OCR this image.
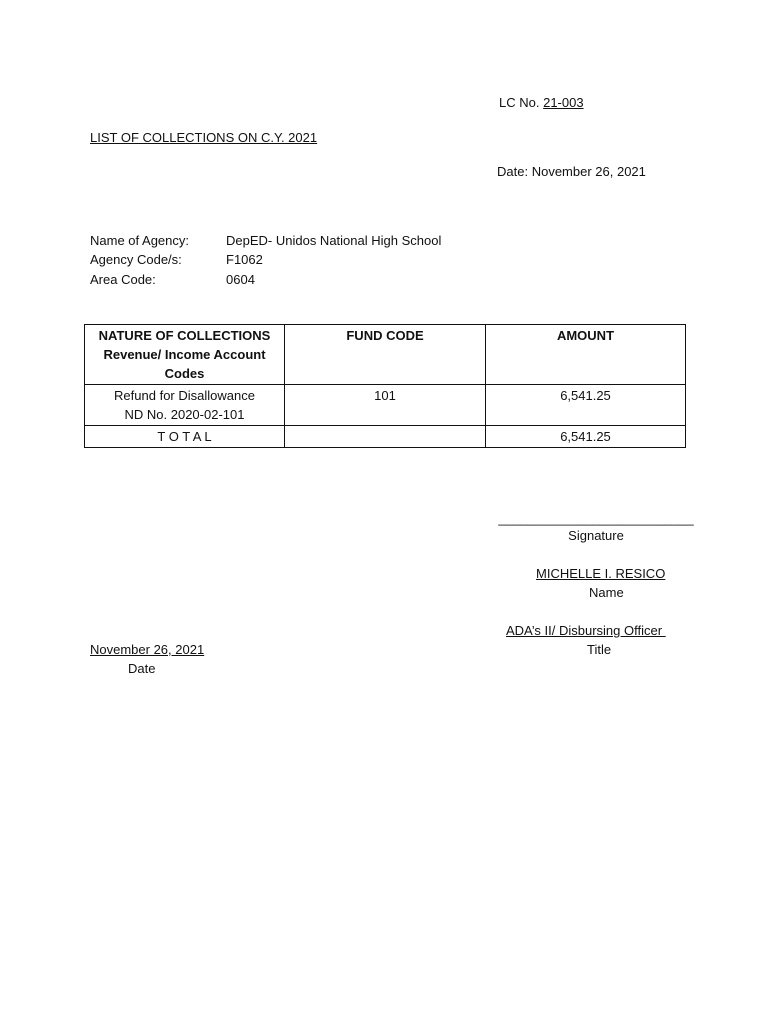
LC No. 21-003
LIST OF COLLECTIONS ON C.Y. 2021
Date: November 26, 2021
Name of Agency:	DepED- Unidos National High School
Agency Code/s:	F1062
Area Code:	0604
NATURE OF COLLECTIONS
Revenue/ Income Account
Codes	FUND CODE	AMOUNT

Refund for Disallowance
ND No. 2020-02-101	101	6,541.25
T O T A L		6,541.25
___________________________
Signature
MICHELLE I. RESICO
Name
ADA’s II/ Disbursing Officer
Title
November 26, 2021
Date
